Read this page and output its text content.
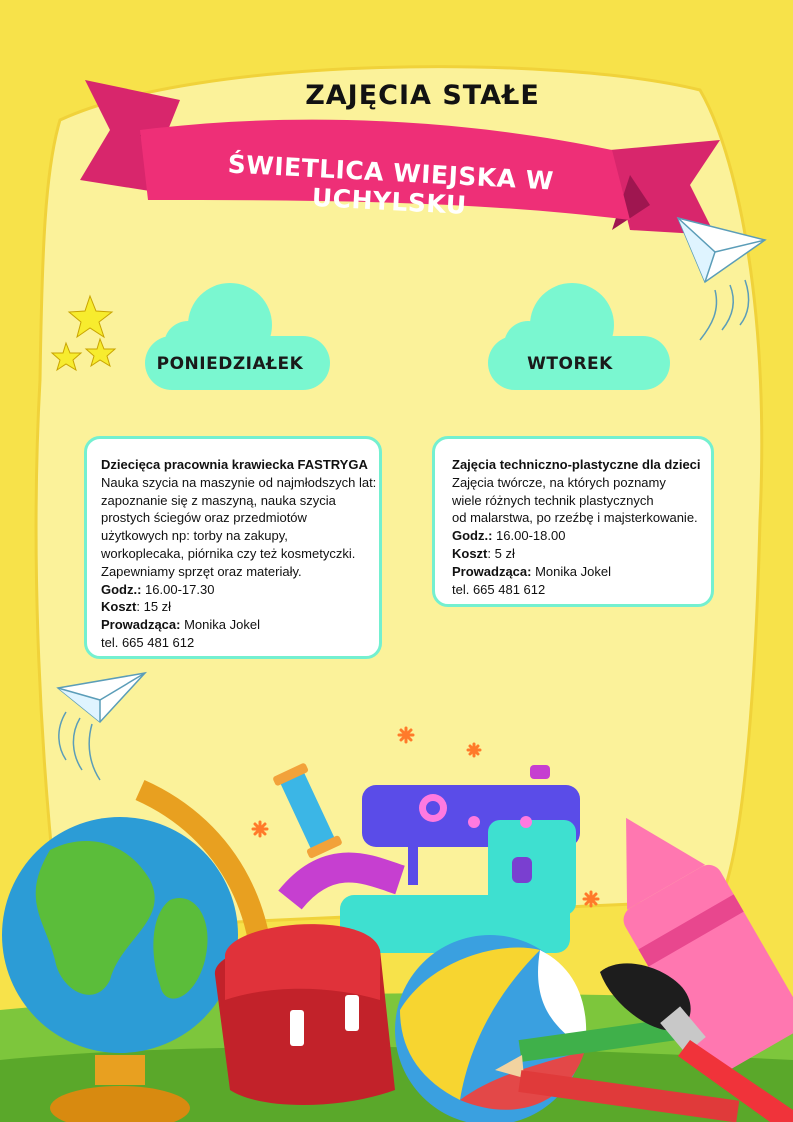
ZAJĘCIA STAŁE
ŚWIETLICA WIEJSKA W UCHYLSKU
PONIEDZIAŁEK	WTOREK
Dziecięca pracownia krawiecka FASTRYGA
Nauka szycia na maszynie od najmłodszych lat:
zapoznanie się z maszyną, nauka szycia
prostych ściegów oraz przedmiotów
użytkowych np: torby na zakupy,
workoplecaka, piórnika czy też kosmetyczki.
Zapewniamy sprzęt oraz materiały.
Godz.: 16.00-17.30
Koszt: 15 zł
Prowadząca: Monika Jokel
tel. 665 481 612
Zajęcia techniczno-plastyczne dla dzieci
Zajęcia twórcze, na których poznamy
wiele różnych technik plastycznych
od malarstwa, po rzeźbę i majsterkowanie.
Godz.: 16.00-18.00
Koszt: 5 zł
Prowadząca: Monika Jokel
tel. 665 481 612
